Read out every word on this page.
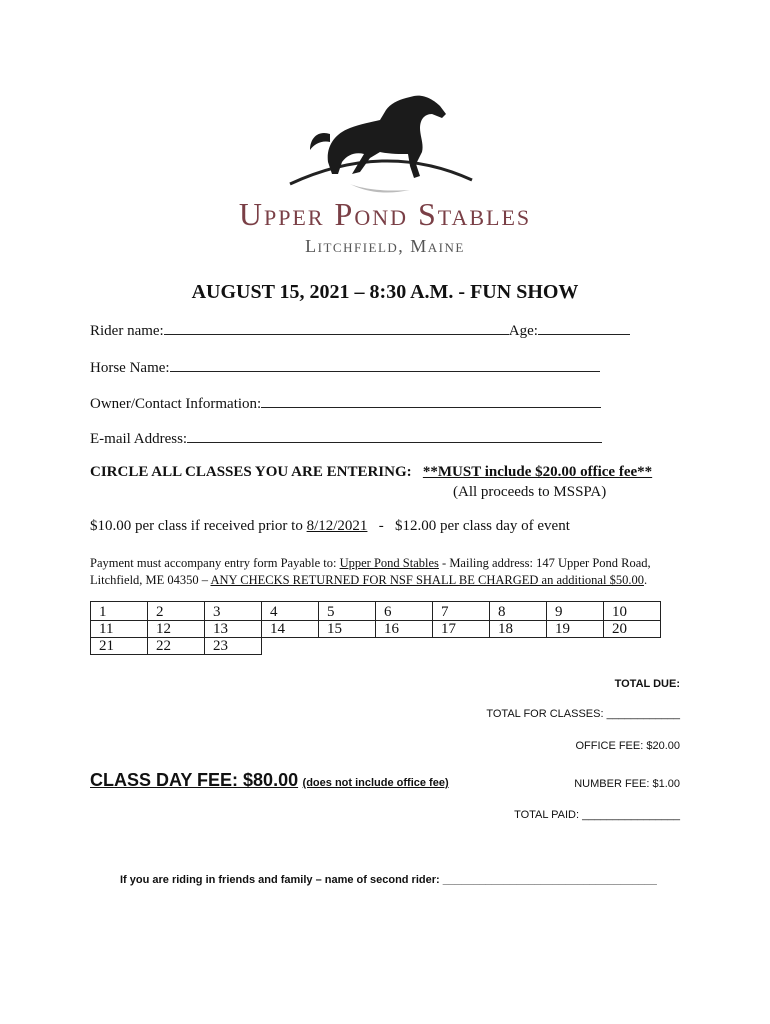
Upper Pond Stables
Litchfield, Maine
AUGUST 15, 2021 – 8:30 A.M. - FUN SHOW
Rider name:	Age:
Horse Name:
Owner/Contact Information:
E-mail Address:
CIRCLE ALL CLASSES YOU ARE ENTERING: **MUST include $20.00 office fee**
(All proceeds to MSSPA)
$10.00 per class if received prior to 8/12/2021 - $12.00 per class day of event
Payment must accompany entry form Payable to: Upper Pond Stables - Mailing address: 147 Upper Pond Road,
Litchfield, ME 04350 – ANY CHECKS RETURNED FOR NSF SHALL BE CHARGED an additional $50.00.
1	2	3	4	5	6	7	8	9	10
11	12	13	14	15	16	17	18	19	20
21	22	23							
TOTAL DUE:
TOTAL FOR CLASSES: ____________
OFFICE FEE: $20.00
NUMBER FEE: $1.00
TOTAL PAID: ________________
CLASS DAY FEE: $80.00 (does not include office fee)
If you are riding in friends and family – name of second rider: ___________________________________
